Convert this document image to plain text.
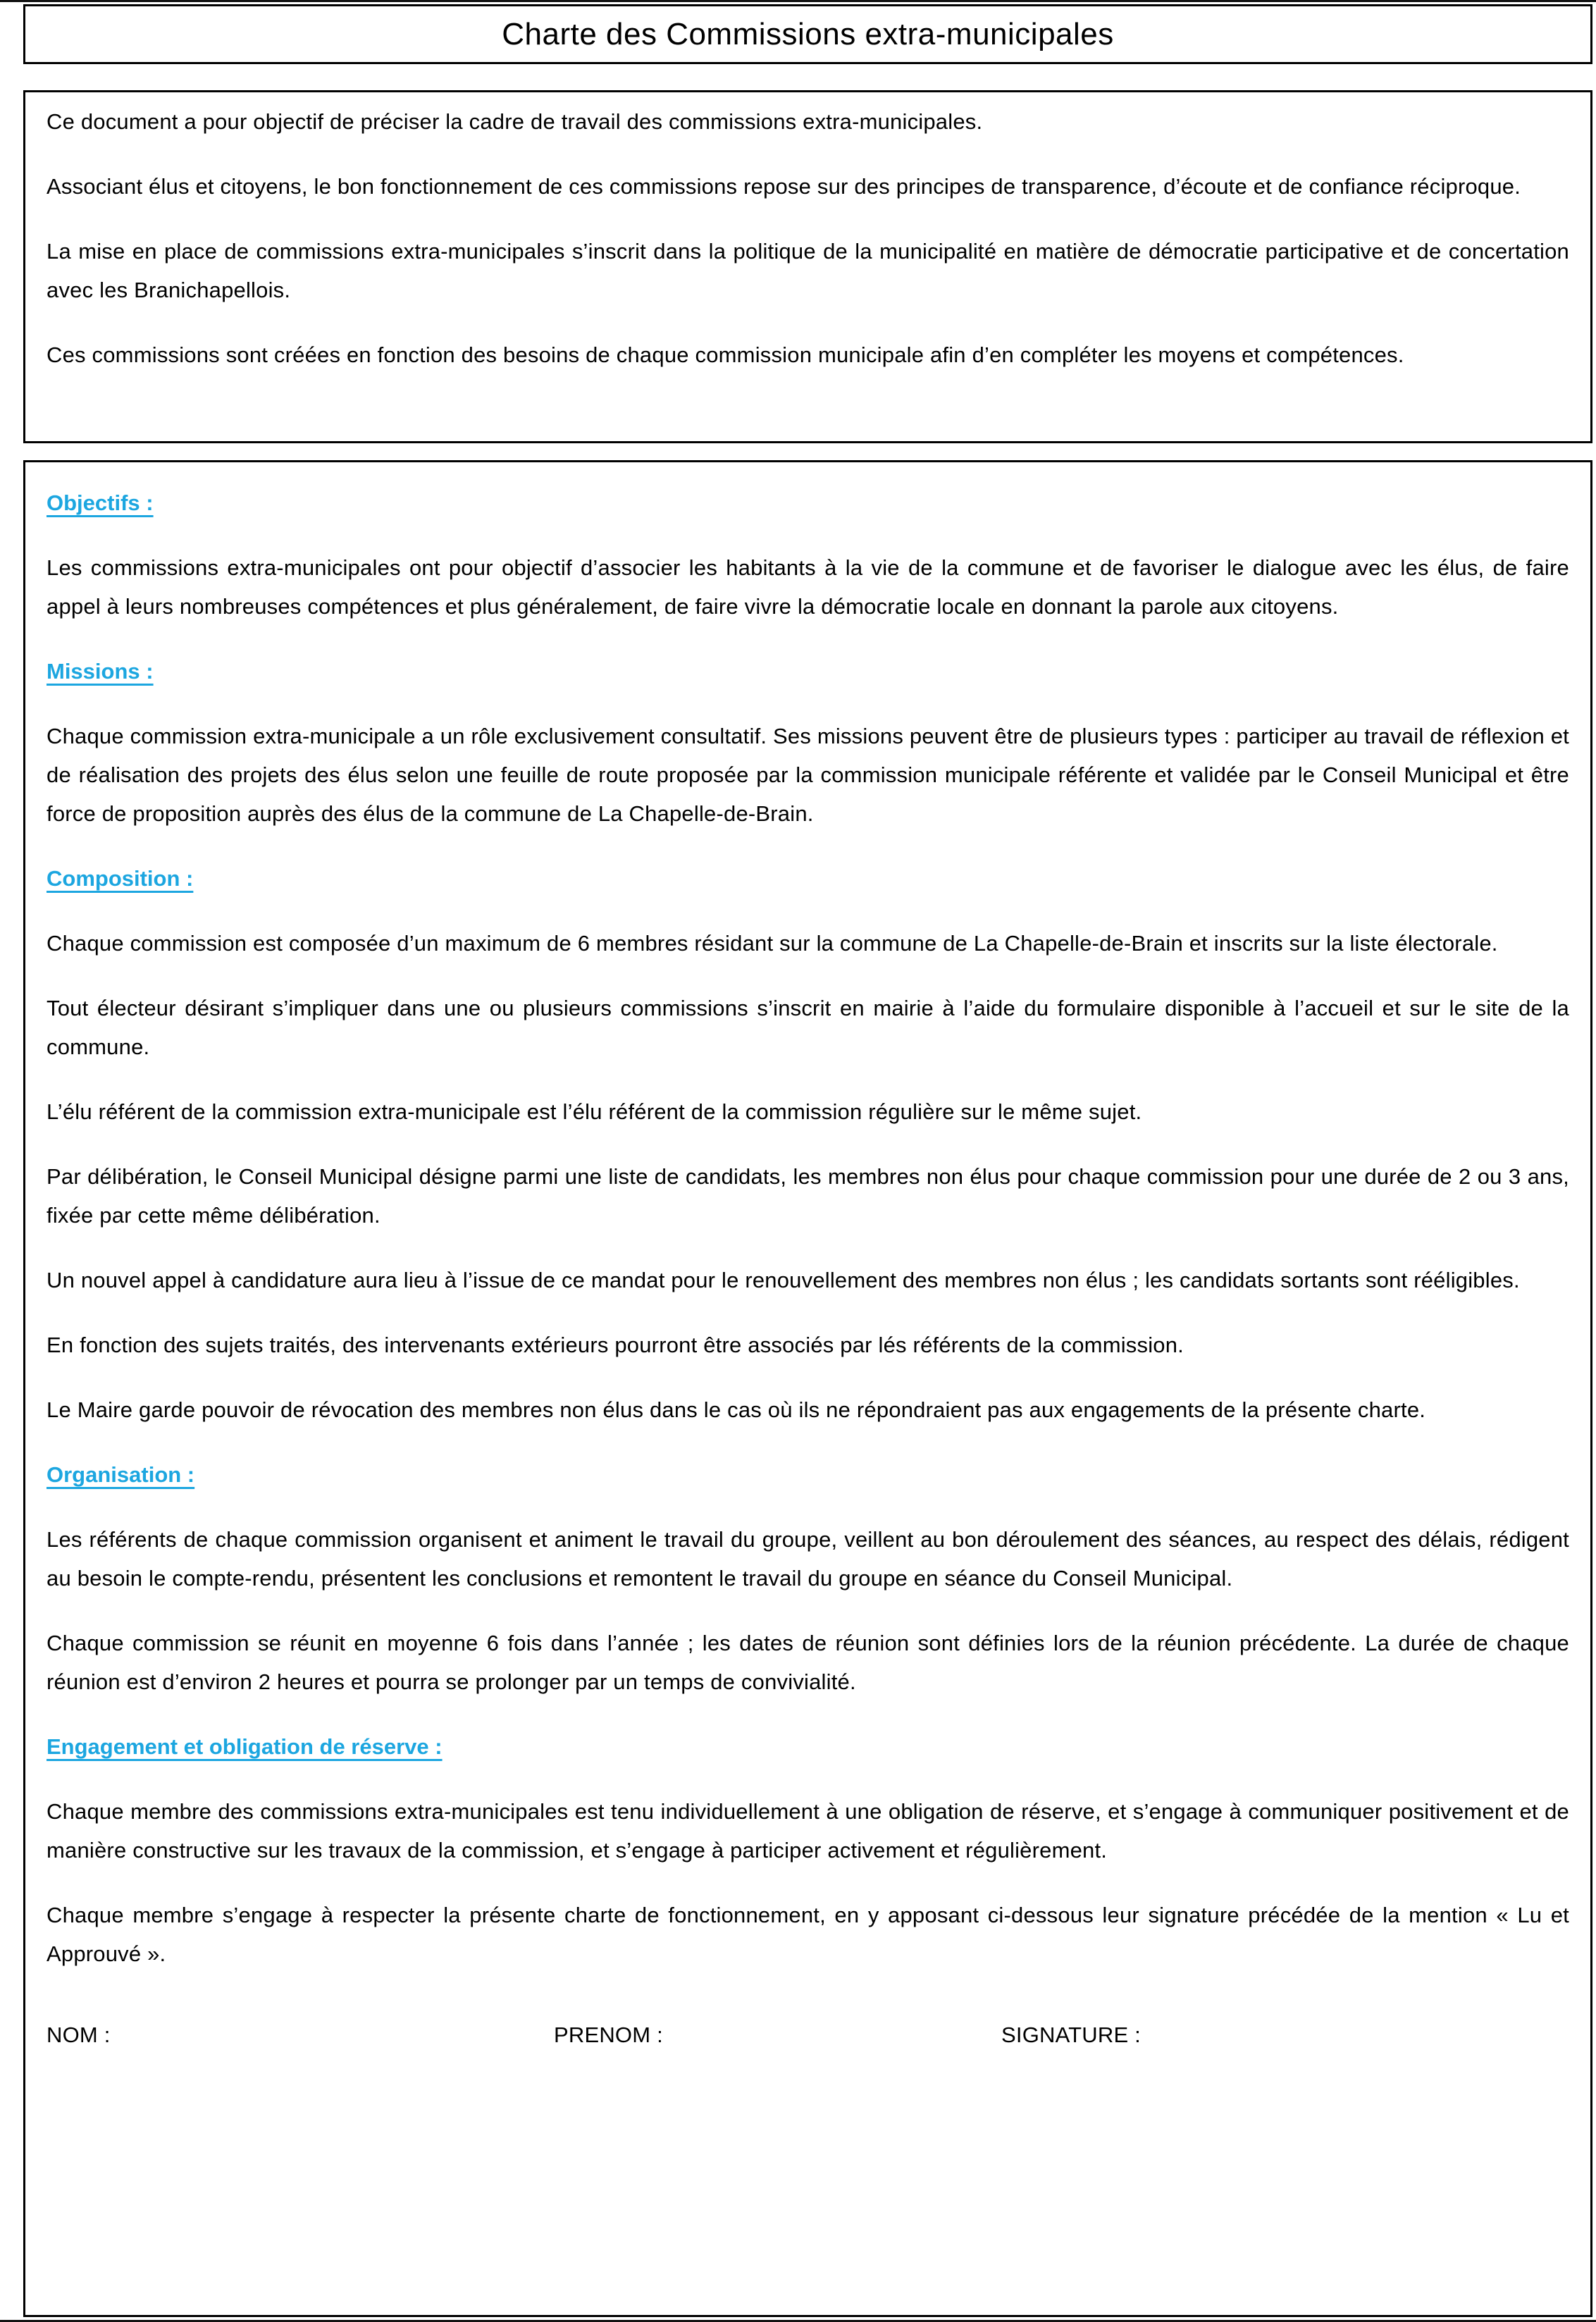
Charte des Commissions extra-municipales

Ce document a pour objectif de préciser la cadre de travail des commissions extra-municipales.

Associant élus et citoyens, le bon fonctionnement de ces commissions repose sur des principes de transparence, d’écoute et de confiance réciproque.

La mise en place de commissions extra-municipales s’inscrit dans la politique de la municipalité en matière de démocratie participative et de concertation avec les Branichapellois.

Ces commissions sont créées en fonction des besoins de chaque commission municipale afin d’en compléter les moyens et compétences.

Objectifs :

Les commissions extra-municipales ont pour objectif d’associer les habitants à la vie de la commune et de favoriser le dialogue avec les élus, de faire appel à leurs nombreuses compétences et plus généralement, de faire vivre la démocratie locale en donnant la parole aux citoyens.

Missions :

Chaque commission extra-municipale a un rôle exclusivement consultatif. Ses missions peuvent être de plusieurs types : participer au travail de réflexion et de réalisation des projets des élus selon une feuille de route proposée par la commission municipale référente et validée par le Conseil Municipal et être force de proposition auprès des élus de la commune de La Chapelle-de-Brain.

Composition :

Chaque commission est composée d’un maximum de 6 membres résidant sur la commune de La Chapelle-de-Brain et inscrits sur la liste électorale.

Tout électeur désirant s’impliquer dans une ou plusieurs commissions s’inscrit en mairie à l’aide du formulaire disponible à l’accueil et sur le site de la commune.

L’élu référent de la commission extra-municipale est l’élu référent de la commission régulière sur le même sujet.

Par délibération, le Conseil Municipal désigne parmi une liste de candidats, les membres non élus pour chaque commission pour une durée de 2 ou 3 ans, fixée par cette même délibération.

Un nouvel appel à candidature aura lieu à l’issue de ce mandat pour le renouvellement des membres non élus ; les candidats sortants sont rééligibles.

En fonction des sujets traités, des intervenants extérieurs pourront être associés par lés référents de la commission.

Le Maire garde pouvoir de révocation des membres non élus dans le cas où ils ne répondraient pas aux engagements de la présente charte.

Organisation :

Les référents de chaque commission organisent et animent le travail du groupe, veillent au bon déroulement des séances, au respect des délais, rédigent au besoin le compte-rendu, présentent les conclusions et remontent le travail du groupe en séance du Conseil Municipal.

Chaque commission se réunit en moyenne 6 fois dans l’année ; les dates de réunion sont définies lors de la réunion précédente. La durée de chaque réunion est d’environ 2 heures et pourra se prolonger par un temps de convivialité.

Engagement et obligation de réserve :

Chaque membre des commissions extra-municipales est tenu individuellement à une obligation de réserve, et s’engage à communiquer positivement et de manière constructive sur les travaux de la commission, et s’engage à participer activement et régulièrement.

Chaque membre s’engage à respecter la présente charte de fonctionnement, en y apposant ci-dessous leur signature précédée de la mention « Lu et Approuvé ».

NOM :	PRENOM :	SIGNATURE :
